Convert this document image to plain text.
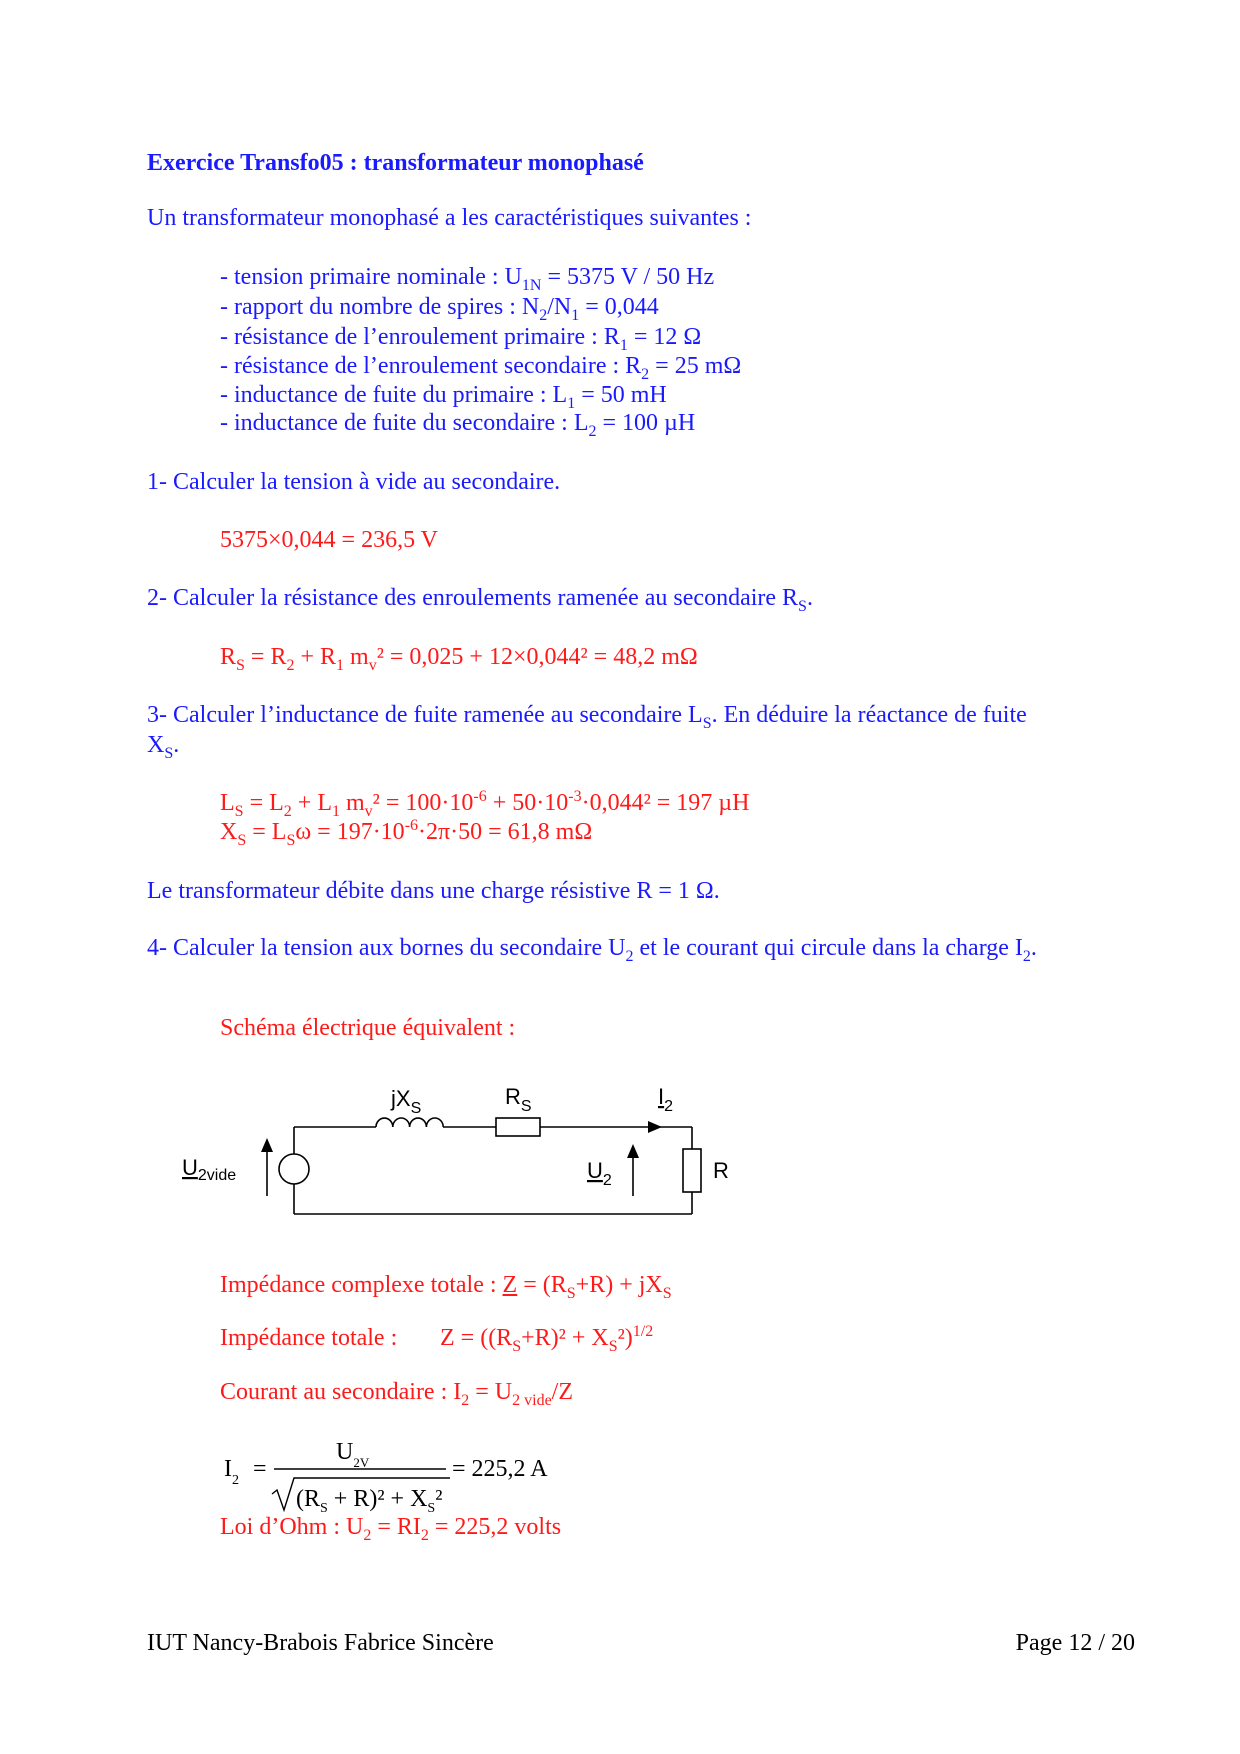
Exercice Transfo05 : transformateur monophasé
Un transformateur monophasé a les caractéristiques suivantes :
- tension primaire nominale : $U_{1N} = 5375$ V / 50 Hz
- rapport du nombre de spires : $N_2/N_1 = 0,044$
- résistance de l’enroulement primaire : $R_1 = 12$ Ω
- résistance de l’enroulement secondaire : $R_2 = 25$ mΩ
- inductance de fuite du primaire : $L_1 = 50$ mH
- inductance de fuite du secondaire : $L_2 = 100$ µH
1- Calculer la tension à vide au secondaire.
5375×0,044 = 236,5 V
2- Calculer la résistance des enroulements ramenée au secondaire $R_S$.
$R_S = R_2 + R_1$ $m_v^2 = 0,025 + 12\times 0,044^2 = 48,2$ mΩ
3- Calculer l’inductance de fuite ramenée au secondaire $L_S$. En déduire la réactance de fuite
$X_S$.
$L_S = L_2 + L_1$ $m_v^2 = 100\cdot 10^{-6} + 50\cdot 10^{-3}\cdot 0,044^2 = 197$ µH
$X_S = L_S\omega = 197\cdot 10^{-6}\cdot 2\pi\cdot 50 = 61,8$ mΩ
Le transformateur débite dans une charge résistive R = 1 Ω.
4- Calculer la tension aux bornes du secondaire $U_2$ et le courant qui circule dans la charge $I_2$.
Schéma électrique équivalent :
$U_{2vide}$
$jX_S$	$R_S$	$I_2$
$U_2$	R
Impédance complexe totale : $Z = (R_S+R) + jX_S$
Impédance totale : $Z = ((R_S+R)^2 + X_S^2)^{1/2}$
Courant au secondaire : $I_2 = U_{2 vide}/Z$
$I_2$ =
$U_{2V}$
$(R_S + R)^2 + X_S^2$
= 225,2 A
Loi d’Ohm : $U_2 = RI_2 = 225,2$ volts
IUT Nancy-Brabois Fabrice Sincère	Page 12 / 20
